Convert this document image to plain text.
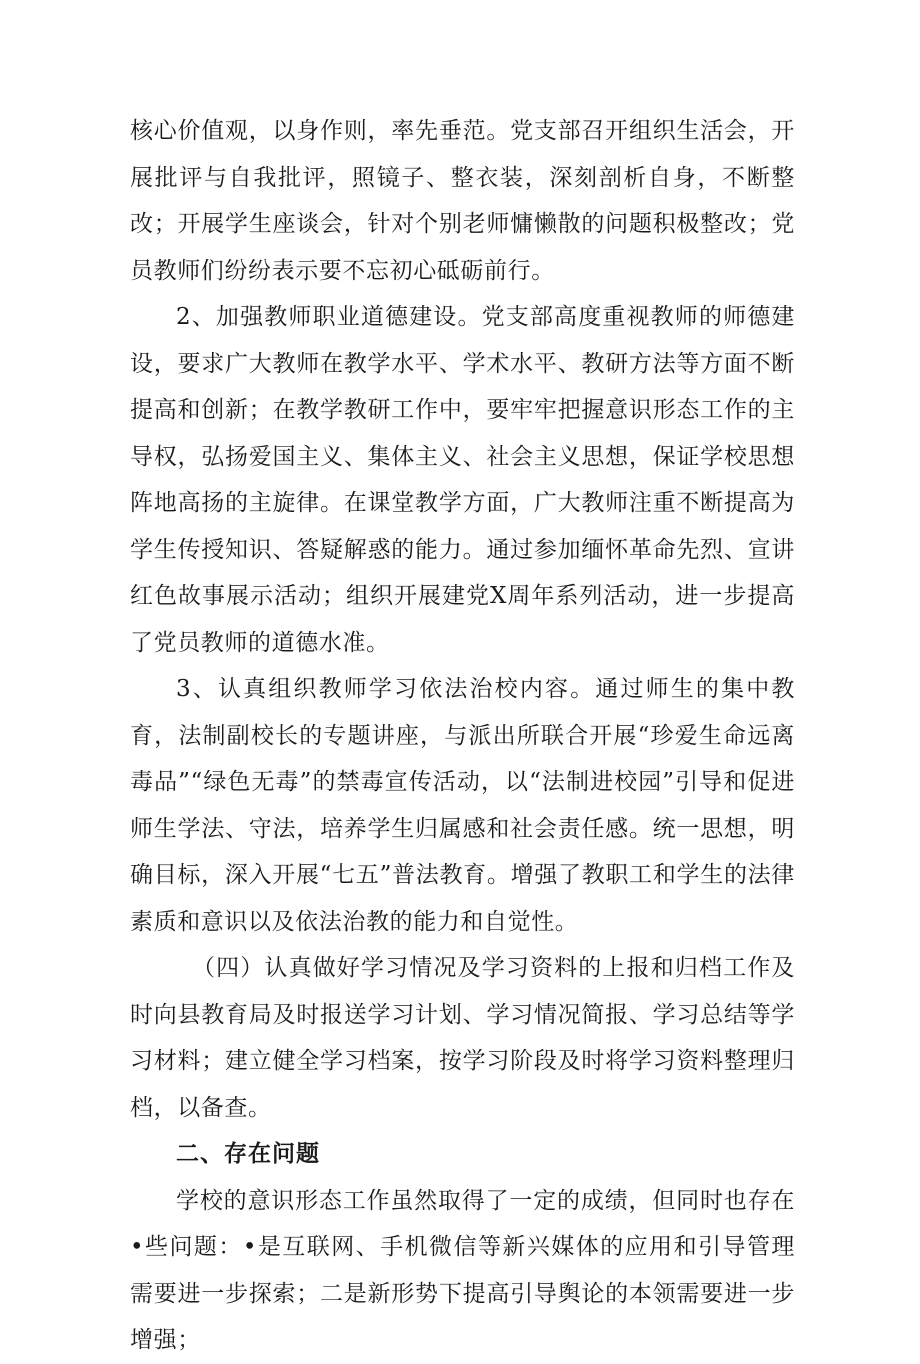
核心价值观，以身作则，率先垂范。党支部召开组织生活会，开展批评与自我批评，照镜子、整衣装，深刻剖析自身，不断整改；开展学生座谈会，针对个别老师慵懒散的问题积极整改；党员教师们纷纷表示要不忘初心砥砺前行。

2、加强教师职业道德建设。党支部高度重视教师的师德建设，要求广大教师在教学水平、学术水平、教研方法等方面不断提高和创新；在教学教研工作中，要牢牢把握意识形态工作的主导权，弘扬爱国主义、集体主义、社会主义思想，保证学校思想阵地高扬的主旋律。在课堂教学方面，广大教师注重不断提高为学生传授知识、答疑解惑的能力。通过参加缅怀革命先烈、宣讲红色故事展示活动；组织开展建党X周年系列活动，进一步提高了党员教师的道德水准。

3、认真组织教师学习依法治校内容。通过师生的集中教育，法制副校长的专题讲座，与派出所联合开展“珍爱生命远离毒品”“绿色无毒”的禁毒宣传活动，以“法制进校园”引导和促进师生学法、守法，培养学生归属感和社会责任感。统一思想，明确目标，深入开展“七五”普法教育。增强了教职工和学生的法律素质和意识以及依法治教的能力和自觉性。

（四）认真做好学习情况及学习资料的上报和归档工作及时向县教育局及时报送学习计划、学习情况简报、学习总结等学习材料；建立健全学习档案，按学习阶段及时将学习资料整理归档，以备查。

二、存在问题

学校的意识形态工作虽然取得了一定的成绩，但同时也存在•些问题：•是互联网、手机微信等新兴媒体的应用和引导管理需要进一步探索；二是新形势下提高引导舆论的本领需要进一步增强；
